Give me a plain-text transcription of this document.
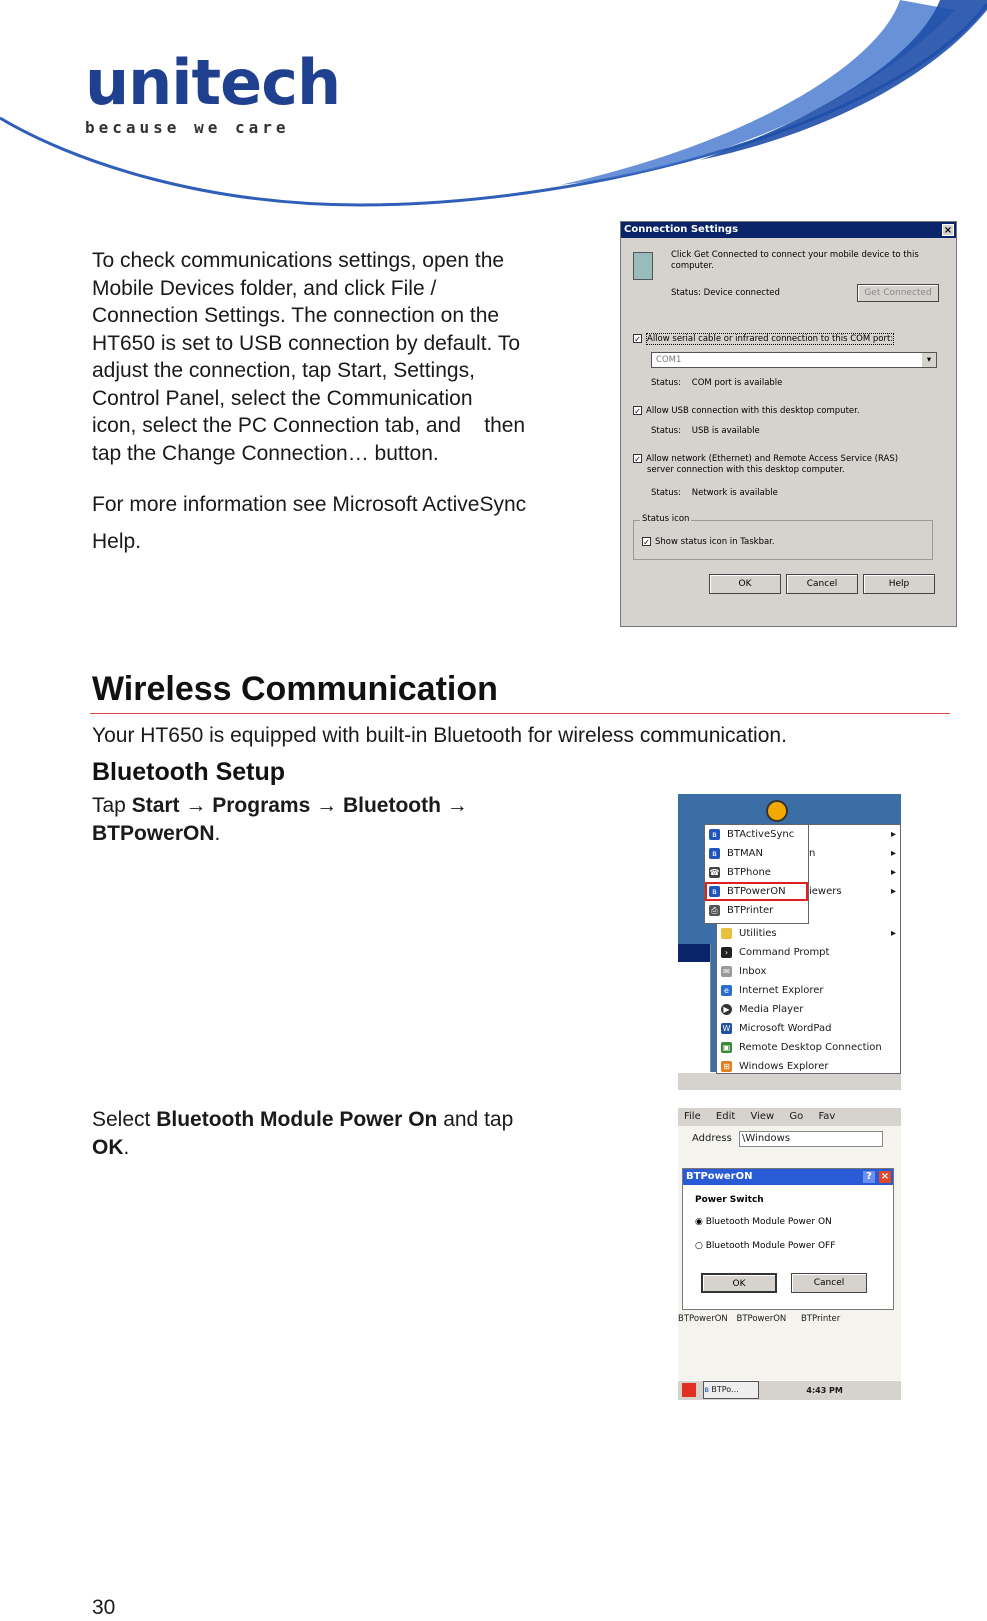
unitech
because we care
To check communications settings, open the
Mobile Devices folder, and click File /
Connection Settings. The connection on the
HT650 is set to USB connection by default. To
adjust the connection, tap Start, Settings,
Control Panel, select the Communication
icon, select the PC Connection tab, and    then
tap the Change Connection… button.
For more information see Microsoft ActiveSync
Help.
Connection Settings	×
Click Get Connected to connect your mobile device to this computer.
Status: Device connected	Get Connected
✓ Allow serial cable or infrared connection to this COM port:
COM1	▾
Status:    COM port is available
✓ Allow USB connection with this desktop computer.
Status:    USB is available
✓ Allow network (Ethernet) and Remote Access Service (RAS)
server connection with this desktop computer.
Status:    Network is available
Status icon
✓ Show status icon in Taskbar.
OK	Cancel	Help
Wireless Communication
Your HT650 is equipped with built-in Bluetooth for wireless communication.
Bluetooth Setup
Tap Start → Programs → Bluetooth →
BTPowerON.	ʙ	BTActiveSync
ʙ	BTMAN
☎ BTPhone
ʙ	BTPowerON
⎙ BTPrinter
▸
n	▸
▸
iewers	▸
Utilities	▸
›	Command Prompt
✉ Inbox
e	Internet Explorer
▶ Media Player
W Microsoft WordPad
▣ Remote Desktop Connection
⊞ Windows Explorer
Select Bluetooth Module Power On and tap
OK.
File Edit View Go Fav
Address \Windows
BTPowerON	? ×
Power Switch
◉ Bluetooth Module Power ON
○ Bluetooth Module Power OFF
OK	Cancel
BTPowerON BTPowerON BTPrinter
ʙ BTPo...	4:43 PM
30
